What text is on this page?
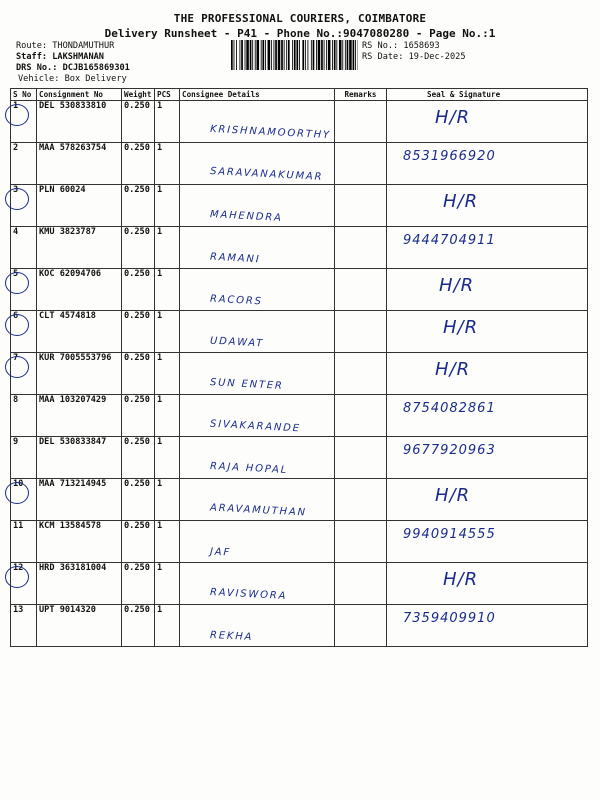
THE PROFESSIONAL COURIERS, COIMBATORE
Delivery Runsheet - P41 - Phone No.:9047080280 - Page No.:1
Route: THONDAMUTHUR
Staff: LAKSHMANAN
DRS No.: DCJB165869301
Vehicle: Box Delivery
RS No.: 1658693
RS Date: 19-Dec-2025
S No	Consignment No	Weight	PCS	Consignee Details	Remarks	Seal & Signature
1	DEL 530833810	0.250	1	KRISHNAMOORTHY		H/R

2	MAA 578263754	0.250	1	SARAVANAKUMAR		8531966920

3	PLN 60024	0.250	1	MAHENDRA		H/R

4	KMU 3823787	0.250	1	RAMANI		9444704911

5	KOC 62094706	0.250	1	RACORS		H/R

6	CLT 4574818	0.250	1	UDAWAT		H/R

7	KUR 7005553796	0.250	1	SUN ENTER		H/R

8	MAA 103207429	0.250	1	SIVAKARANDE		8754082861

9	DEL 530833847	0.250	1	RAJA HOPAL		9677920963

10	MAA 713214945	0.250	1	ARAVAMUTHAN		H/R

11	KCM 13584578	0.250	1	JAF		9940914555

12	HRD 363181004	0.250	1	RAVISWORA		H/R

13	UPT 9014320	0.250	1	REKHA		7359409910
